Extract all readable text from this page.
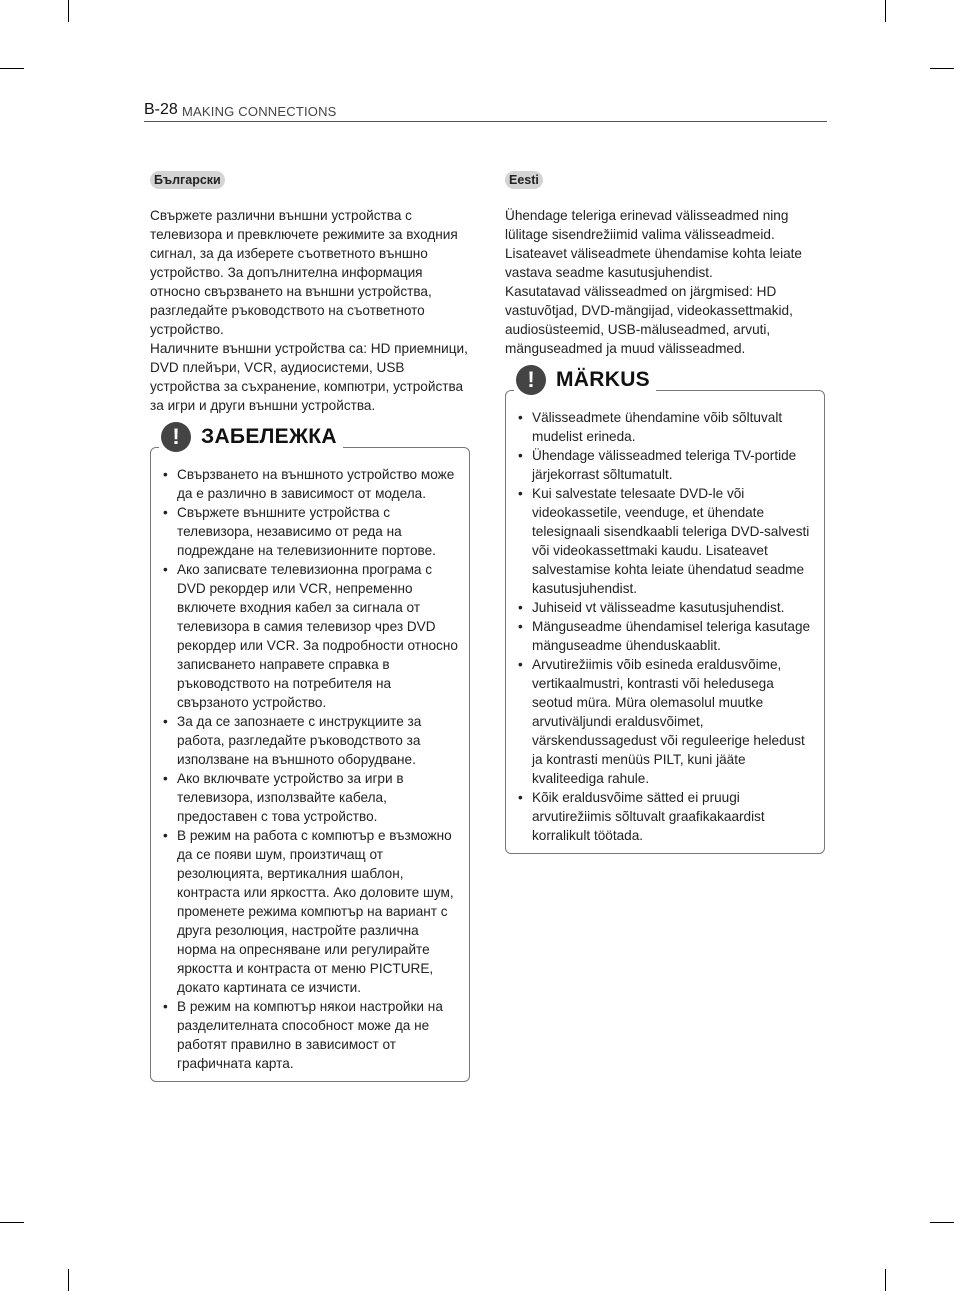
B-28 MAKING CONNECTIONS
Български

Свържете различни външни устройства с телевизора и превключете режимите за входния сигнал, за да изберете съответното външно устройство. За допълнителна информация относно свързването на външни устройства, разгледайте ръководството на съответното устройство.
Наличните външни устройства са: HD приемници, DVD плейъри, VCR, аудиосистеми, USB устройства за съхранение, компютри, устройства за игри и други външни устройства.

!	ЗАБЕЛЕЖКА
• Свързването на външното устройство може да е различно в зависимост от модела.
• Свържете външните устройства с телевизора, независимо от реда на подреждане на телевизионните портове.
• Ако записвате телевизионна програма с DVD рекордер или VCR, непременно включете входния кабел за сигнала от телевизора в самия телевизор чрез DVD рекордер или VCR. За подробности относно записването направете справка в ръководството на потребителя на свързаното устройство.
• За да се запознаете с инструкциите за работа, разгледайте ръководството за използване на външното оборудване.
• Ако включвате устройство за игри в телевизора, използвайте кабела, предоставен с това устройство.
• В режим на работа с компютър е възможно да се появи шум, произтичащ от резолюцията, вертикалния шаблон, контраста или яркостта. Ако доловите шум, променете режима компютър на вариант с друга резолюция, настройте различна норма на опресняване или регулирайте яркостта и контраста от меню PICTURE, докато картината се изчисти.
• В режим на компютър някои настройки на разделителната способност може да не работят правилно в зависимост от графичната карта.
Eesti

Ühendage teleriga erinevad välisseadmed ning lülitage sisendrežiimid valima välisseadmeid. Lisateavet väliseadmete ühendamise kohta leiate vastava seadme kasutusjuhendist.
Kasutatavad välisseadmed on järgmised: HD vastuvõtjad, DVD-mängijad, videokassettmakid, audiosüsteemid, USB-mäluseadmed, arvuti, mänguseadmed ja muud välisseadmed.

!	MÄRKUS
• Välisseadmete ühendamine võib sõltuvalt mudelist erineda.
• Ühendage välisseadmed teleriga TV-portide järjekorrast sõltumatult.
• Kui salvestate telesaate DVD-le või videokassetile, veenduge, et ühendate telesignaali sisendkaabli teleriga DVD-salvesti või videokassettmaki kaudu. Lisateavet salvestamise kohta leiate ühendatud seadme kasutusjuhendist.
• Juhiseid vt välisseadme kasutusjuhendist.
• Mänguseadme ühendamisel teleriga kasutage mänguseadme ühenduskaablit.
• Arvutirežiimis võib esineda eraldusvõime, vertikaalmustri, kontrasti või heledusega seotud müra. Müra olemasolul muutke arvutiväljundi eraldusvõimet, värskendussagedust või reguleerige heledust ja kontrasti menüüs PILT, kuni jääte kvaliteediga rahule.
• Kõik eraldusvõime sätted ei pruugi arvutirežiimis sõltuvalt graafikakaardist korralikult töötada.
